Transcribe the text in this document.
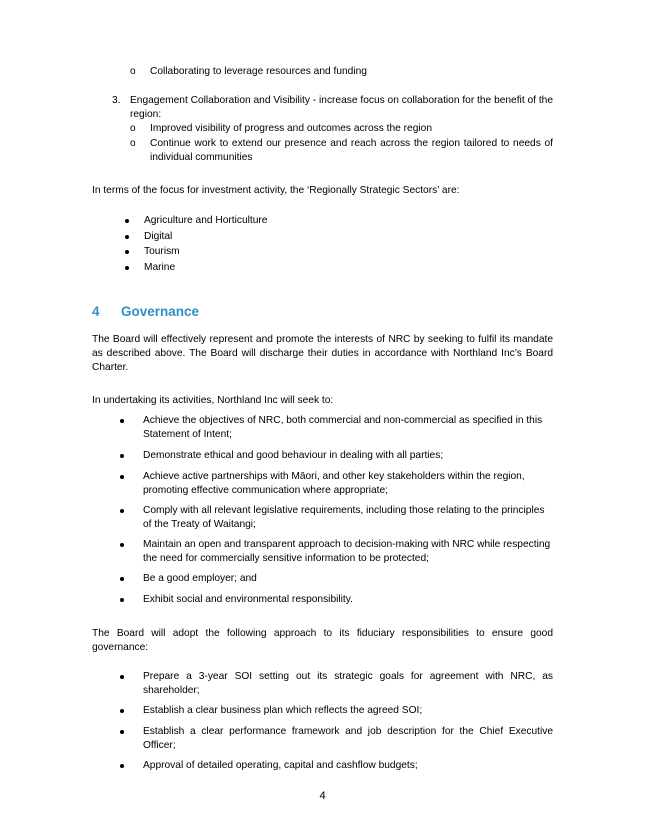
o Collaborating to leverage resources and funding
3. Engagement Collaboration and Visibility - increase focus on collaboration for the benefit of the region:
o Improved visibility of progress and outcomes across the region
o Continue work to extend our presence and reach across the region tailored to needs of individual communities
In terms of the focus for investment activity, the ‘Regionally Strategic Sectors’ are:
Agriculture and Horticulture
Digital
Tourism
Marine
4 Governance
The Board will effectively represent and promote the interests of NRC by seeking to fulfil its mandate as described above. The Board will discharge their duties in accordance with Northland Inc’s Board Charter.
In undertaking its activities, Northland Inc will seek to:
Achieve the objectives of NRC, both commercial and non-commercial as specified in this Statement of Intent;
Demonstrate ethical and good behaviour in dealing with all parties;
Achieve active partnerships with Māori, and other key stakeholders within the region, promoting effective communication where appropriate;
Comply with all relevant legislative requirements, including those relating to the principles of the Treaty of Waitangi;
Maintain an open and transparent approach to decision-making with NRC while respecting the need for commercially sensitive information to be protected;
Be a good employer; and
Exhibit social and environmental responsibility.
The Board will adopt the following approach to its fiduciary responsibilities to ensure good governance:
Prepare a 3-year SOI setting out its strategic goals for agreement with NRC, as shareholder;
Establish a clear business plan which reflects the agreed SOI;
Establish a clear performance framework and job description for the Chief Executive Officer;
Approval of detailed operating, capital and cashflow budgets;
4
